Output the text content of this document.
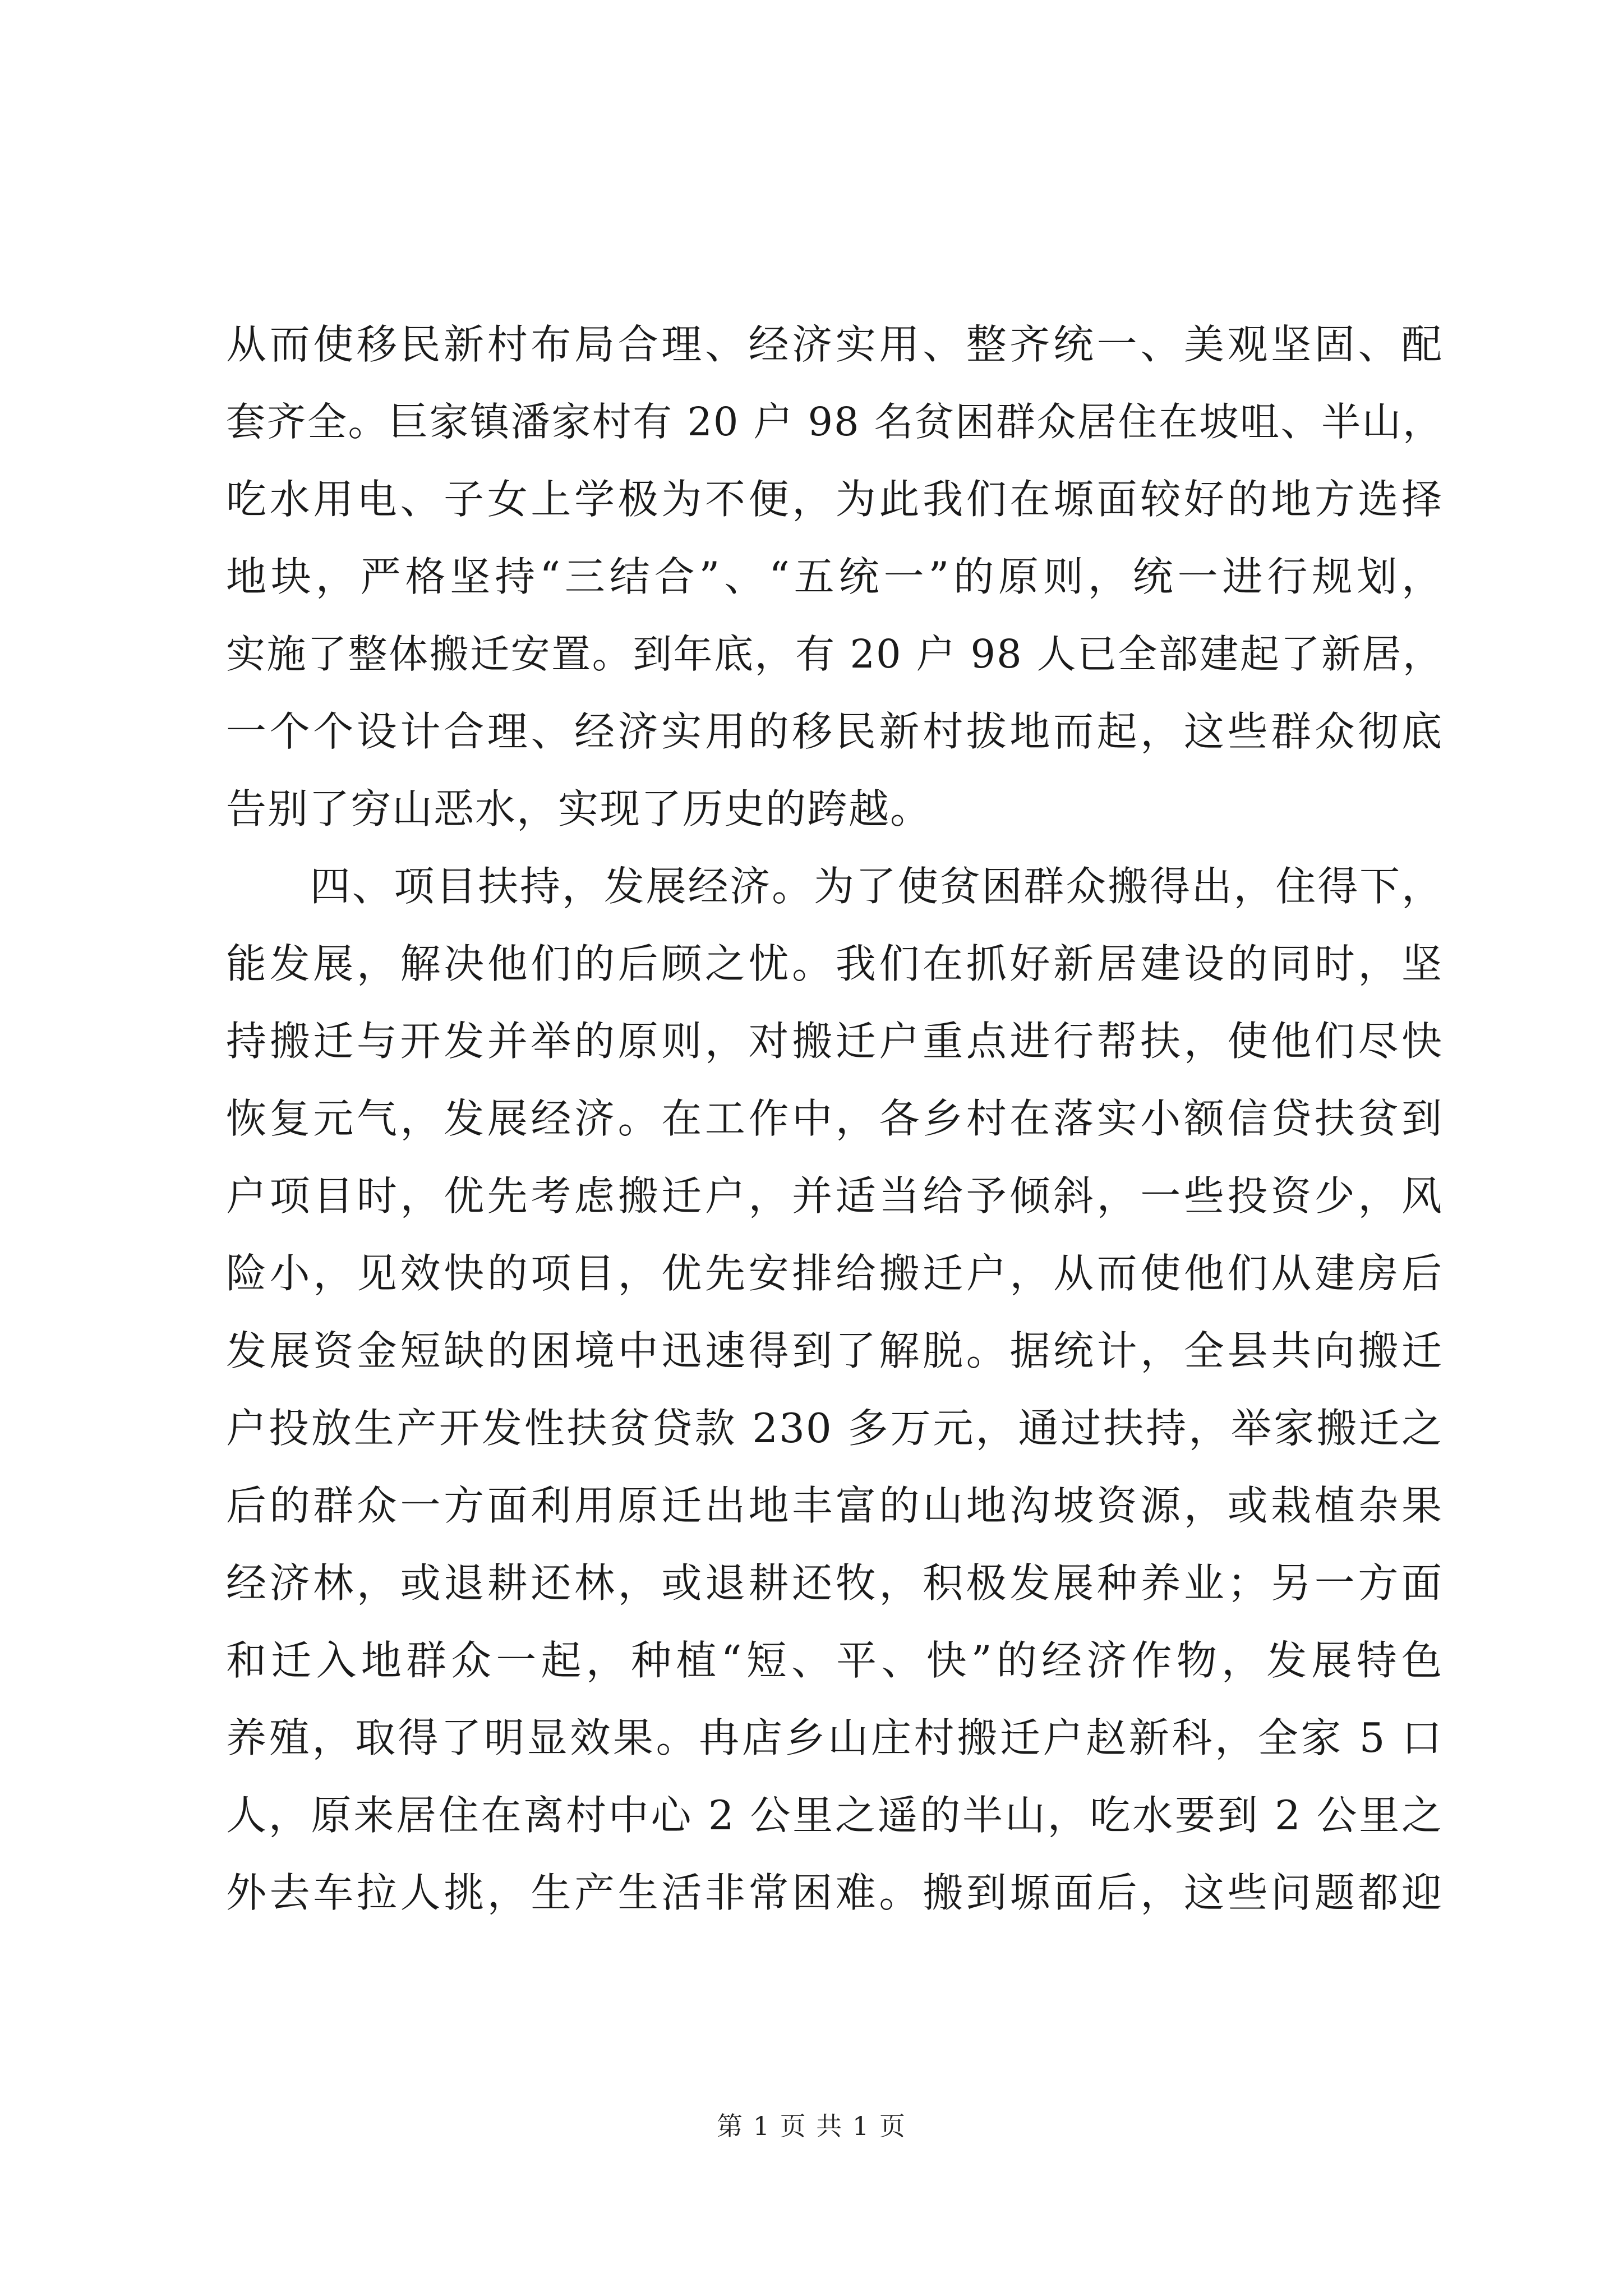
从而使移民新村布局合理、经济实用、整齐统一、美观坚固、配
套齐全。巨家镇潘家村有 20 户 98 名贫困群众居住在坡咀、半山，
吃水用电、子女上学极为不便，为此我们在塬面较好的地方选择
地块，严格坚持“三结合”、“五统一”的原则，统一进行规划，
实施了整体搬迁安置。到年底，有 20 户 98 人已全部建起了新居，
一个个设计合理、经济实用的移民新村拔地而起，这些群众彻底
告别了穷山恶水，实现了历史的跨越。
　　四、项目扶持，发展经济。为了使贫困群众搬得出，住得下，
能发展，解决他们的后顾之忧。我们在抓好新居建设的同时，坚
持搬迁与开发并举的原则，对搬迁户重点进行帮扶，使他们尽快
恢复元气，发展经济。在工作中，各乡村在落实小额信贷扶贫到
户项目时，优先考虑搬迁户，并适当给予倾斜，一些投资少，风
险小，见效快的项目，优先安排给搬迁户，从而使他们从建房后
发展资金短缺的困境中迅速得到了解脱。据统计，全县共向搬迁
户投放生产开发性扶贫贷款 230 多万元，通过扶持，举家搬迁之
后的群众一方面利用原迁出地丰富的山地沟坡资源，或栽植杂果
经济林，或退耕还林，或退耕还牧，积极发展种养业；另一方面
和迁入地群众一起，种植“短、平、快”的经济作物，发展特色
养殖，取得了明显效果。冉店乡山庄村搬迁户赵新科，全家 5 口
人，原来居住在离村中心 2 公里之遥的半山，吃水要到 2 公里之
外去车拉人挑，生产生活非常困难。搬到塬面后，这些问题都迎
第 1 页 共 1 页
